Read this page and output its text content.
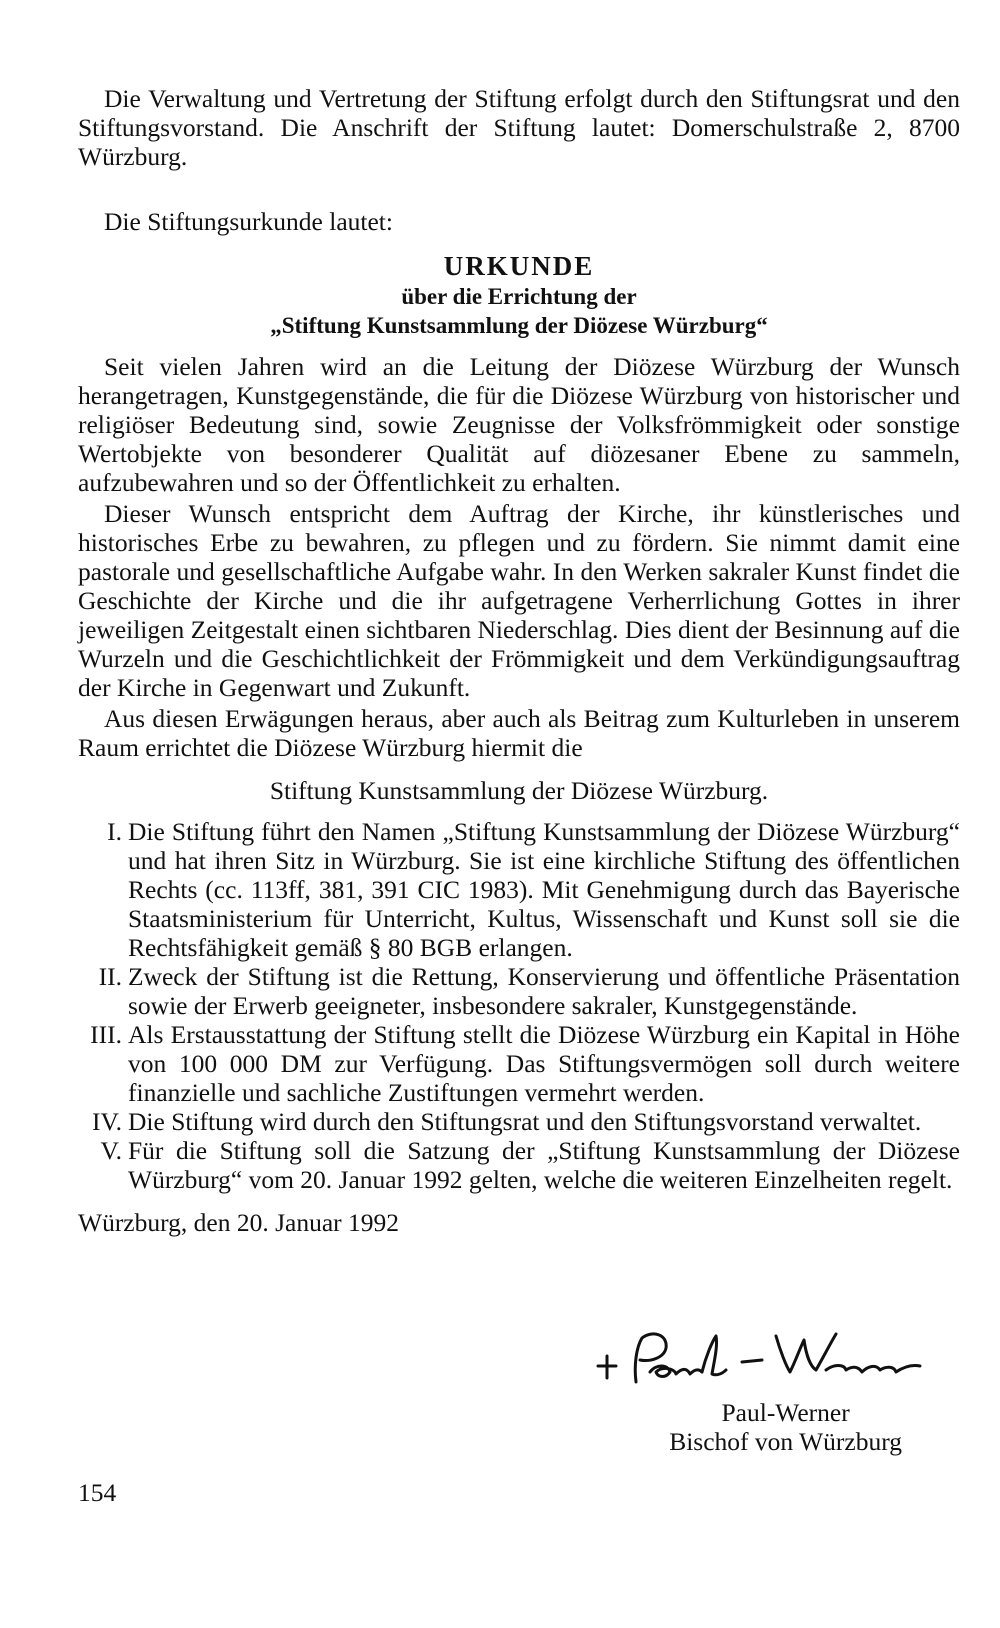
Die Verwaltung und Vertretung der Stiftung erfolgt durch den Stiftungsrat und den Stiftungsvorstand. Die Anschrift der Stiftung lautet: Domerschulstraße 2, 8700 Würzburg.

Die Stiftungsurkunde lautet:

URKUNDE
über die Errichtung der
„Stiftung Kunstsammlung der Diözese Würzburg“

Seit vielen Jahren wird an die Leitung der Diözese Würzburg der Wunsch herangetragen, Kunstgegenstände, die für die Diözese Würzburg von historischer und religiöser Bedeutung sind, sowie Zeugnisse der Volksfrömmigkeit oder sonstige Wertobjekte von besonderer Qualität auf diözesaner Ebene zu sammeln, aufzubewahren und so der Öffentlichkeit zu erhalten.

Dieser Wunsch entspricht dem Auftrag der Kirche, ihr künstlerisches und historisches Erbe zu bewahren, zu pflegen und zu fördern. Sie nimmt damit eine pastorale und gesellschaftliche Aufgabe wahr. In den Werken sakraler Kunst findet die Geschichte der Kirche und die ihr aufgetragene Verherrlichung Gottes in ihrer jeweiligen Zeitgestalt einen sichtbaren Niederschlag. Dies dient der Besinnung auf die Wurzeln und die Geschichtlichkeit der Frömmigkeit und dem Verkündigungsauftrag der Kirche in Gegenwart und Zukunft.

Aus diesen Erwägungen heraus, aber auch als Beitrag zum Kulturleben in unserem Raum errichtet die Diözese Würzburg hiermit die

Stiftung Kunstsammlung der Diözese Würzburg.
I. Die Stiftung führt den Namen „Stiftung Kunstsammlung der Diözese Würzburg“ und hat ihren Sitz in Würzburg. Sie ist eine kirchliche Stiftung des öffentlichen Rechts (cc. 113ff, 381, 391 CIC 1983). Mit Genehmigung durch das Bayerische Staatsministerium für Unterricht, Kultus, Wissenschaft und Kunst soll sie die Rechtsfähigkeit gemäß § 80 BGB erlangen.
II. Zweck der Stiftung ist die Rettung, Konservierung und öffentliche Präsentation sowie der Erwerb geeigneter, insbesondere sakraler, Kunstgegenstände.
III. Als Erstausstattung der Stiftung stellt die Diözese Würzburg ein Kapital in Höhe von 100 000 DM zur Verfügung. Das Stiftungsvermögen soll durch weitere finanzielle und sachliche Zustiftungen vermehrt werden.
IV. Die Stiftung wird durch den Stiftungsrat und den Stiftungsvorstand verwaltet.
V. Für die Stiftung soll die Satzung der „Stiftung Kunstsammlung der Diözese Würzburg“ vom 20. Januar 1992 gelten, welche die weiteren Einzelheiten regelt.

Würzburg, den 20. Januar 1992

Paul-Werner
Bischof von Würzburg
154
